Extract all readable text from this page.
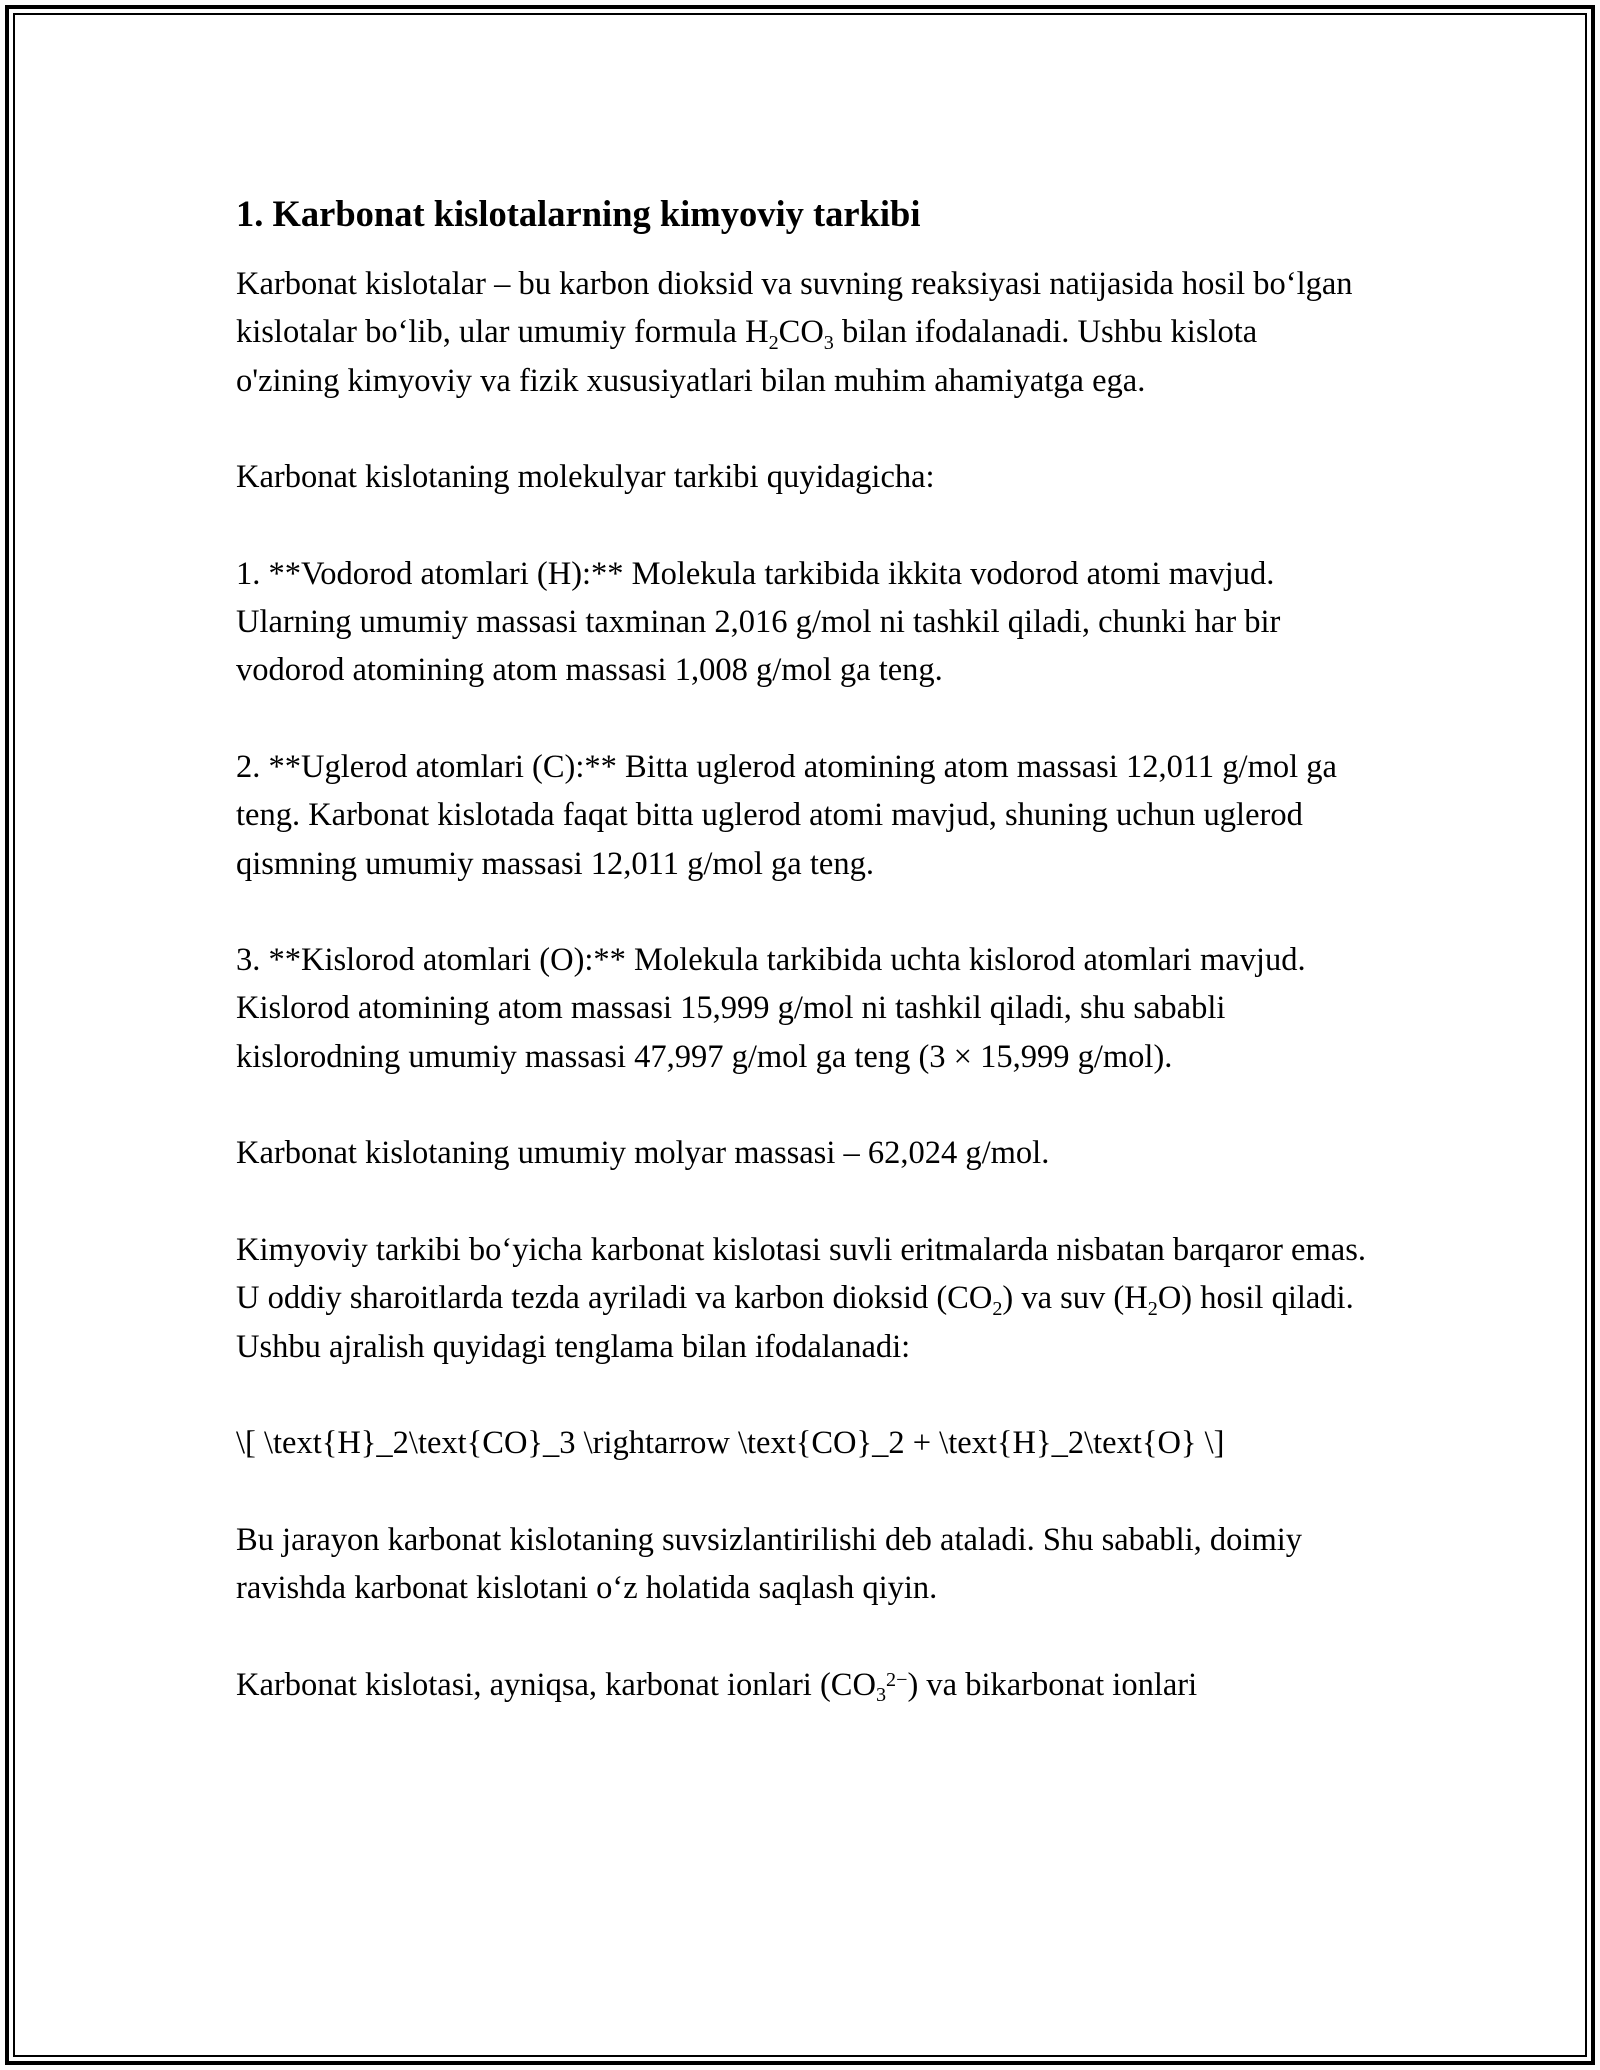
1. Karbonat kislotalarning kimyoviy tarkibi

Karbonat kislotalar – bu karbon dioksid va suvning reaksiyasi natijasida hosil bo‘lgan kislotalar bo‘lib, ular umumiy formula $H_2CO_3$ bilan ifodalanadi. Ushbu kislota o'zining kimyoviy va fizik xususiyatlari bilan muhim ahamiyatga ega.

Karbonat kislotaning molekulyar tarkibi quyidagicha:

1. **Vodorod atomlari (H):** Molekula tarkibida ikkita vodorod atomi mavjud. Ularning umumiy massasi taxminan 2,016 g/mol ni tashkil qiladi, chunki har bir vodorod atomining atom massasi 1,008 g/mol ga teng.

2. **Uglerod atomlari (C):** Bitta uglerod atomining atom massasi 12,011 g/mol ga teng. Karbonat kislotada faqat bitta uglerod atomi mavjud, shuning uchun uglerod qismning umumiy massasi 12,011 g/mol ga teng.

3. **Kislorod atomlari (O):** Molekula tarkibida uchta kislorod atomlari mavjud. Kislorod atomining atom massasi 15,999 g/mol ni tashkil qiladi, shu sababli kislorodning umumiy massasi 47,997 g/mol ga teng (3 × 15,999 g/mol).

Karbonat kislotaning umumiy molyar massasi – 62,024 g/mol.

Kimyoviy tarkibi bo‘yicha karbonat kislotasi suvli eritmalarda nisbatan barqaror emas. U oddiy sharoitlarda tezda ayriladi va karbon dioksid $(CO_2)$ va suv $(H_2O)$ hosil qiladi. Ushbu ajralish quyidagi tenglama bilan ifodalanadi:

\[ \text{H}_2\text{CO}_3 \rightarrow \text{CO}_2 + \text{H}_2\text{O} \]

Bu jarayon karbonat kislotaning suvsizlantirilishi deb ataladi. Shu sababli, doimiy ravishda karbonat kislotani o‘z holatida saqlash qiyin.

Karbonat kislotasi, ayniqsa, karbonat ionlari $(CO_3^{2-})$ va bikarbonat ionlari
